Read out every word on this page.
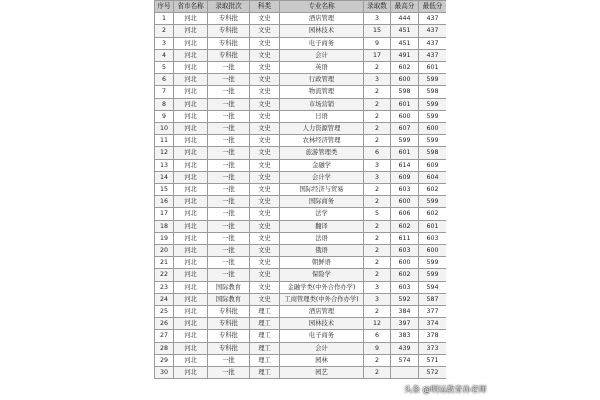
序号	省市名称	录取批次	科类	专业名称	录取数	最高分	最低分
1	河北	专科批	文史	酒店管理	3	444	437
2	河北	专科批	文史	园林技术	15	451	437
3	河北	专科批	文史	电子商务	9	451	437
4	河北	专科批	文史	会计	17	491	437
5	河北	一批	文史	英语	2	602	601
6	河北	一批	文史	行政管理	3	600	599
7	河北	一批	文史	物流管理	2	598	598
8	河北	一批	文史	市场营销	2	601	599
9	河北	一批	文史	日语	2	600	599
10	河北	一批	文史	人力资源管理	2	607	600
11	河北	一批	文史	农林经济管理	2	599	599
12	河北	一批	文史	旅游管理类	6	601	598
13	河北	一批	文史	金融学	3	614	609
14	河北	一批	文史	会计学	3	609	604
15	河北	一批	文史	国际经济与贸易	2	603	602
16	河北	一批	文史	国际商务	2	600	599
17	河北	一批	文史	法学	5	606	602
18	河北	一批	文史	翻译	2	602	601
19	河北	一批	文史	法语	2	611	603
20	河北	一批	文史	俄语	2	603	600
21	河北	一批	文史	朝鲜语	2	600	599
22	河北	一批	文史	保险学	2	602	599
23	河北	国际教育	文史	金融学类(中外合作办学)	3	603	594
24	河北	国际教育	文史	工商管理类(中外合作办学)	3	592	587
25	河北	专科批	理工	酒店管理	2	384	377
26	河北	专科批	理工	园林技术	12	397	374
27	河北	专科批	理工	电子商务	6	383	378
28	河北	专科批	理工	会计	9	439	373
29	河北	一批	理工	园林	2	574	571
30	河北	一批	理工	园艺	2		572
头条 @明远教育孙老师
